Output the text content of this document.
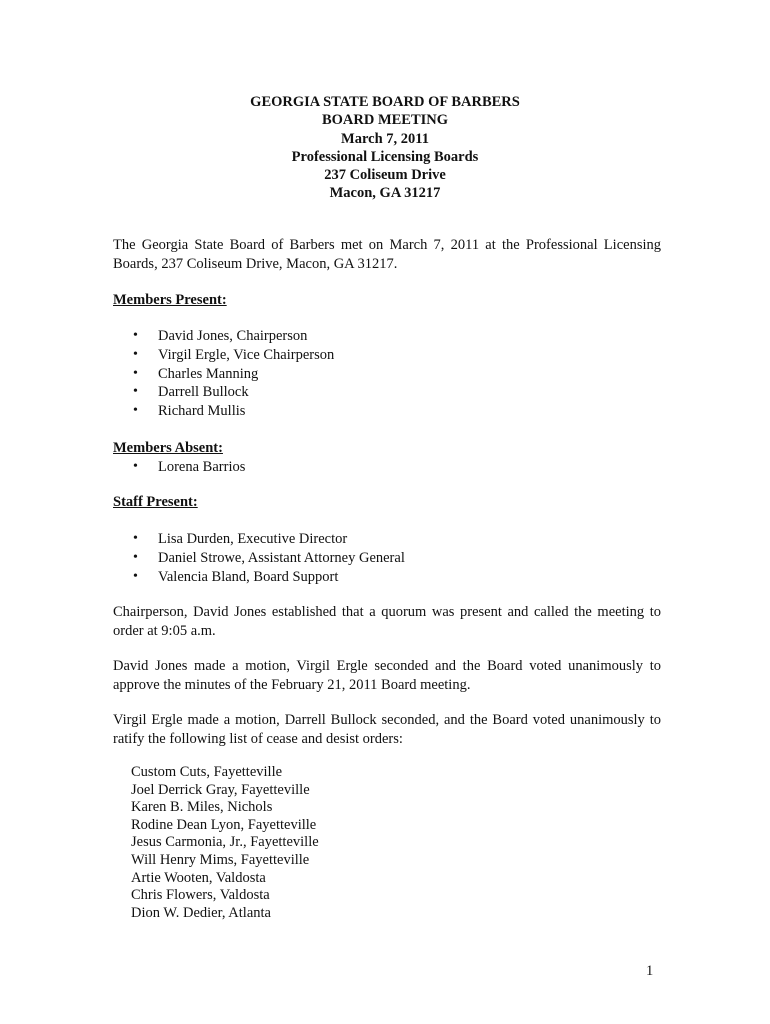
GEORGIA STATE BOARD OF BARBERS
BOARD MEETING
March 7, 2011
Professional Licensing Boards
237 Coliseum Drive
Macon, GA 31217
The Georgia State Board of Barbers met on March 7, 2011 at the Professional Licensing Boards, 237 Coliseum Drive, Macon, GA 31217.
Members Present:
• David Jones, Chairperson
• Virgil Ergle, Vice Chairperson
• Charles Manning
• Darrell Bullock
• Richard Mullis
Members Absent:
• Lorena Barrios
Staff Present:
• Lisa Durden, Executive Director
• Daniel Strowe, Assistant Attorney General
• Valencia Bland, Board Support
Chairperson, David Jones established that a quorum was present and called the meeting to order at 9:05 a.m.
David Jones made a motion, Virgil Ergle seconded and the Board voted unanimously to approve the minutes of the February 21, 2011 Board meeting.
Virgil Ergle made a motion, Darrell Bullock seconded, and the Board voted unanimously to ratify the following list of cease and desist orders:
Custom Cuts, Fayetteville
Joel Derrick Gray, Fayetteville
Karen B. Miles, Nichols
Rodine Dean Lyon, Fayetteville
Jesus Carmonia, Jr., Fayetteville
Will Henry Mims, Fayetteville
Artie Wooten, Valdosta
Chris Flowers, Valdosta
Dion W. Dedier, Atlanta
1
